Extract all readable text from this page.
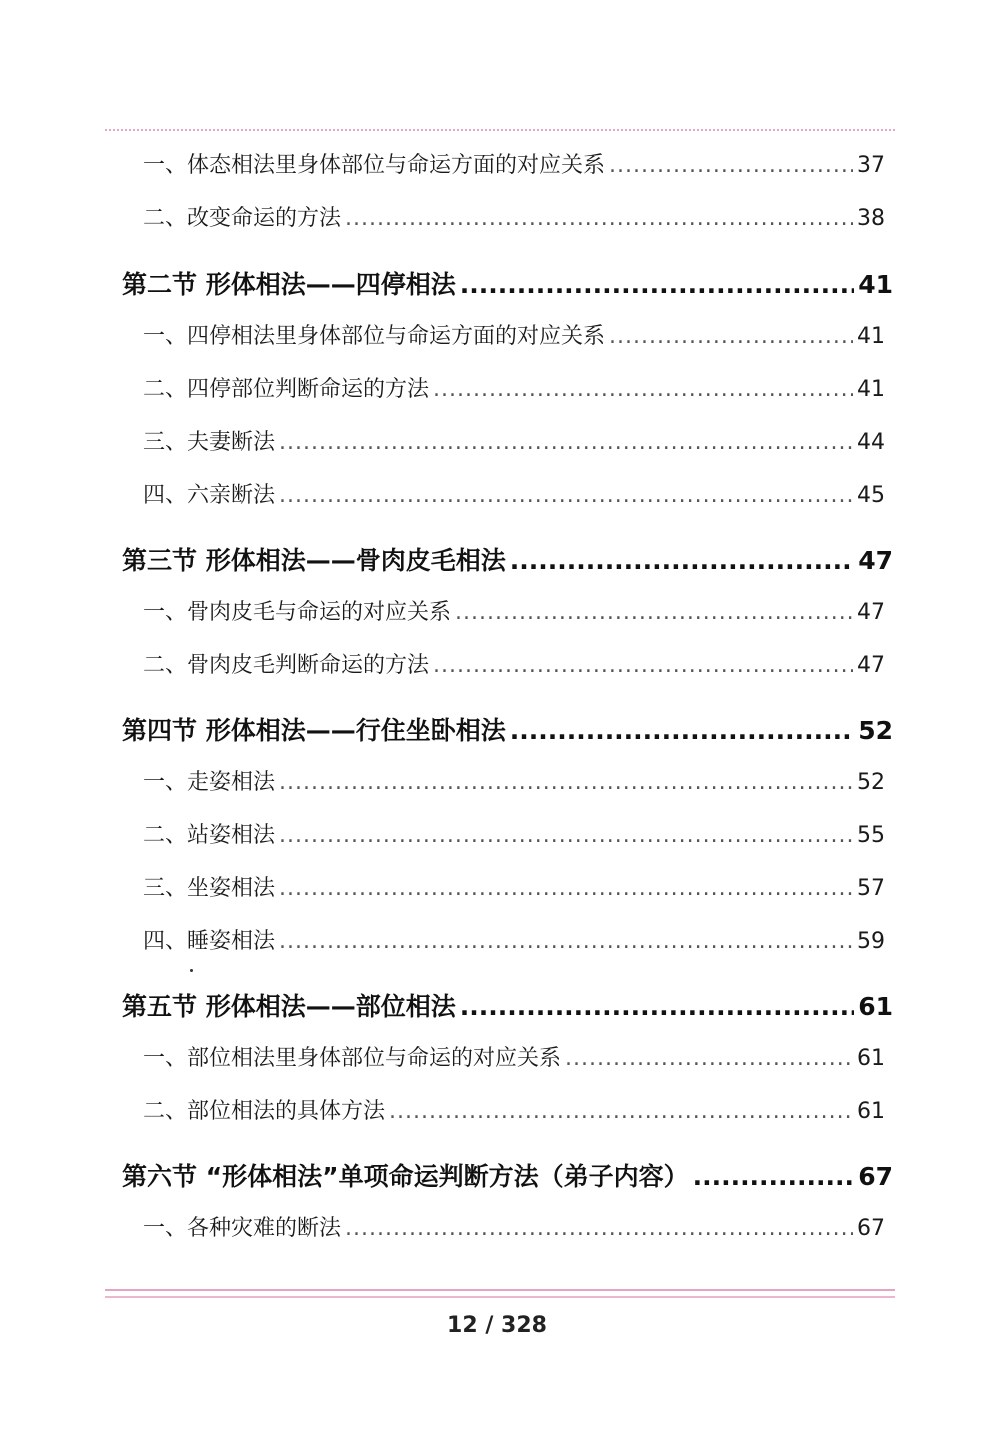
一、体态相法里身体部位与命运方面的对应关系 .....	37
二、改变命运的方法 .....	38
第二节 形体相法——四停相法 .....	41
一、四停相法里身体部位与命运方面的对应关系 .....	41
二、四停部位判断命运的方法 .....	41
三、夫妻断法 .....	44
四、六亲断法 .....	45
第三节 形体相法——骨肉皮毛相法 .....	47
一、骨肉皮毛与命运的对应关系 .....	47
二、骨肉皮毛判断命运的方法 .....	47
第四节 形体相法——行住坐卧相法 .....	52
一、走姿相法 .....	52
二、站姿相法 .....	55
三、坐姿相法 .....	57
四、睡姿相法 .....	59
第五节 形体相法——部位相法 .....	61
一、部位相法里身体部位与命运的对应关系 .....	61
二、部位相法的具体方法 .....	61
第六节 “形体相法”单项命运判断方法（弟子内容） .....	67
一、各种灾难的断法 .....	67
12 / 328
